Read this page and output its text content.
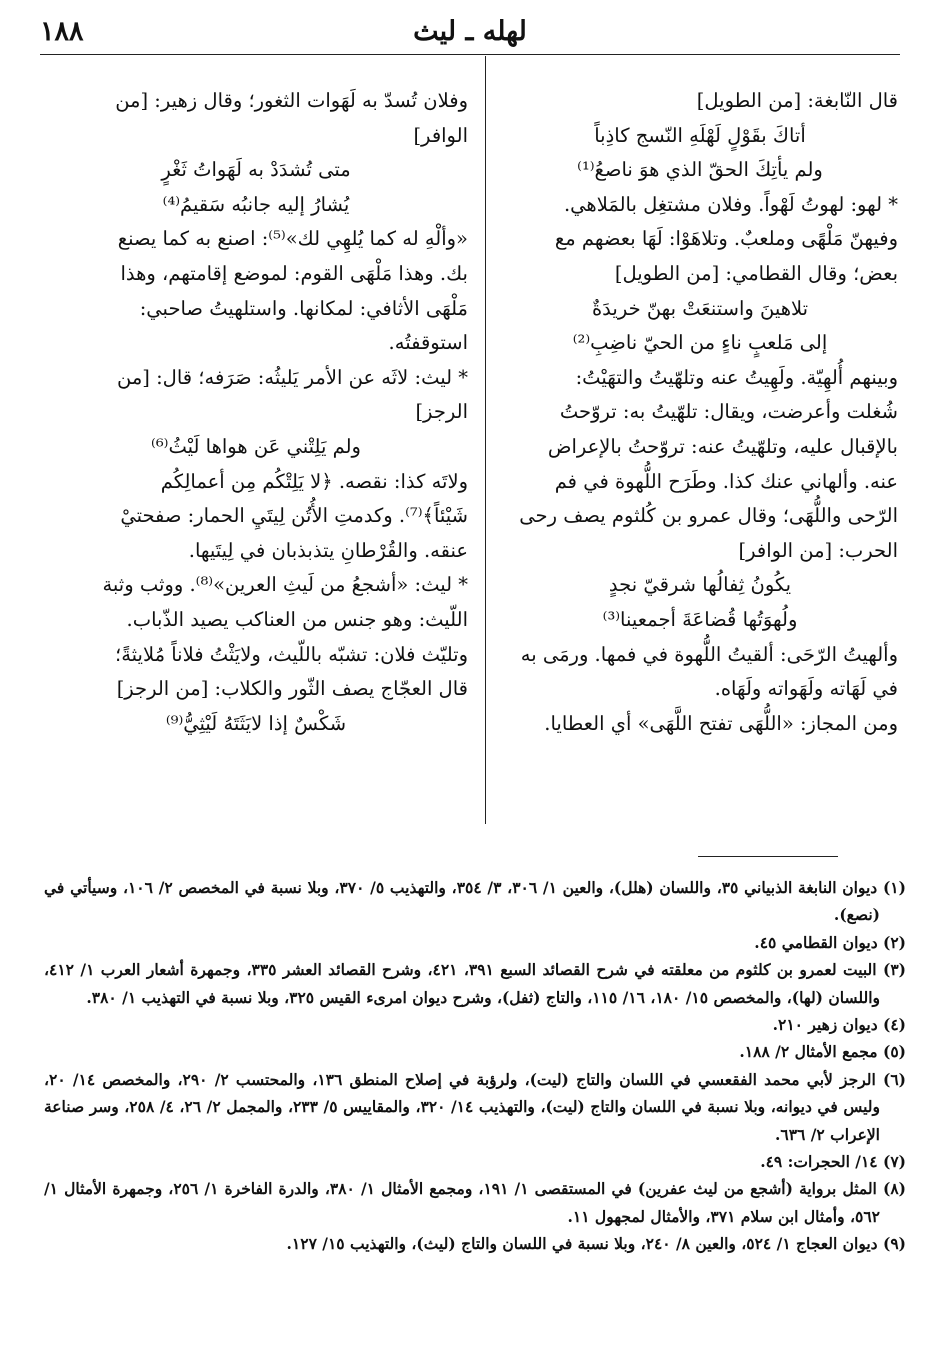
١٨٨	لهله ـ ليث

قال النّابغة: [من الطويل]

أتاكَ بقَوْلٍ لَهْلَهِ النّسج كاذِباً

ولم يأتِكَ الحقّ الذي هوَ ناصعُ⁽¹⁾

* لهو: لهوتُ لَهْواً. وفلان مشتغِل بالمَلاهي.

وفيهنّ مَلْهًى وملعبٌ. وتلاهَوْا: لَهَا بعضهم مع

بعض؛ وقال القطامي: [من الطويل]

تلاهينَ واستنعَتْ بهنّ خريدَةٌ

إلى مَلعبٍ ناءٍ من الحيّ ناضِبِ⁽²⁾

وبينهم أُلهِيّة. ولَهِيتُ عنه وتلهّيتُ والتهَيْتُ:

شُغلت وأعرضت، ويقال: تلهّيتُ به: تروّحتُ

بالإقبال عليه، وتلهّيتُ عنه: تروّحتُ بالإعراض

عنه. وألهاني عنك كذا. وطَرَح اللُّهوة في فم

الرّحى واللُّهَى؛ وقال عمرو بن كُلثوم يصف رحى

الحرب: [من الوافر]

يكُونُ ثِفالُها شرقيّ نجدٍ

ولُهوَتُها قُضاعَةَ أجمعينا⁽³⁾

وألهيتُ الرّحَى: ألقيتُ اللُّهوة في فمها. ورمَى به

في لَهَاته ولَهَواته ولَهَاه.

ومن المجاز: «اللُّهَى تفتح اللَّهَى» أي العطايا.

وفلان تُسدّ به لَهَوات الثغور؛ وقال زهير: [من

الوافر]

متى تُشدَدْ به لَهَواتُ ثَغْرٍ

يُشارُ إليه جانبُه سَقيمُ⁽⁴⁾

«وألْهِ له كما يُلهِي لك»⁽⁵⁾: اصنع به كما يصنع

بك. وهذا مَلْهَى القوم: لموضع إقامتهم، وهذا

مَلْهَى الأثافي: لمكانها. واستلهيتُ صاحبي:

استوقفتُه.

* ليث: لاثَه عن الأمر يَليثُه: صَرَفه؛ قال: [من

الرجز]

ولم يَلِتْني عَن هواها لَيْثُ⁽⁶⁾

ولاتَه كذا: نقصه. ﴿لا يَلِتْكُم مِن أعمالِكُم

شَيْئاً﴾⁽⁷⁾. وكدمتِ الأُتُن لِيتَيِ الحمار: صفحتيْ

عنقه. والقُرْطانِ يتذبذبان في لِيتَيها.

* ليث: «أشجعُ من لَيثِ العرين»⁽⁸⁾. ووثب وثبة

اللّيث: وهو جنس من العناكب يصيد الذّباب.

وتليّث فلان: تشبّه باللّيث، ولايَثْتُ فلاناً مُلايثةً؛

قال العجّاج يصف الثّور والكلاب: [من الرجز]

شَكْسٌ إذا لايَثَتَهُ لَيْثِيُّ⁽⁹⁾

(١) ديوان النابغة الذبياني ٣٥، واللسان (هلل)، والعين ١/ ٣٠٦، ٣/ ٣٥٤، والتهذيب ٥/ ٣٧٠، وبلا نسبة في المخصص ٢/ ١٠٦، وسيأتي في (نصع).

(٢) ديوان القطامي ٤٥.

(٣) البيت لعمرو بن كلثوم من معلقته في شرح القصائد السبع ٣٩١، ٤٢١، وشرح القصائد العشر ٣٣٥، وجمهرة أشعار العرب ١/ ٤١٢، واللسان (لها)، والمخصص ١٥/ ١٨٠، ١٦/ ١١٥، والتاج (ثفل)، وشرح ديوان امرىء القيس ٣٢٥، وبلا نسبة في التهذيب ١/ ٣٨٠.

(٤) ديوان زهير ٢١٠.

(٥) مجمع الأمثال ٢/ ١٨٨.

(٦) الرجز لأبي محمد الفقعسي في اللسان والتاج (ليت)، ولرؤبة في إصلاح المنطق ١٣٦، والمحتسب ٢/ ٢٩٠، والمخصص ١٤/ ٢٠، وليس في ديوانه، وبلا نسبة في اللسان والتاج (ليت)، والتهذيب ١٤/ ٣٢٠، والمقاييس ٥/ ٢٣٣، والمجمل ٢/ ٢٦، ٤/ ٢٥٨، وسر صناعة الإعراب ٢/ ٦٣٦.

(٧) ١٤/ الحجرات: ٤٩.

(٨) المثل برواية (أشجع من ليث عفرين) في المستقصى ١/ ١٩١، ومجمع الأمثال ١/ ٣٨٠، والدرة الفاخرة ١/ ٢٥٦، وجمهرة الأمثال ١/ ٥٦٢، وأمثال ابن سلام ٣٧١، والأمثال لمجهول ١١.

(٩) ديوان العجاج ١/ ٥٢٤، والعين ٨/ ٢٤٠، وبلا نسبة في اللسان والتاج (ليث)، والتهذيب ١٥/ ١٢٧.
